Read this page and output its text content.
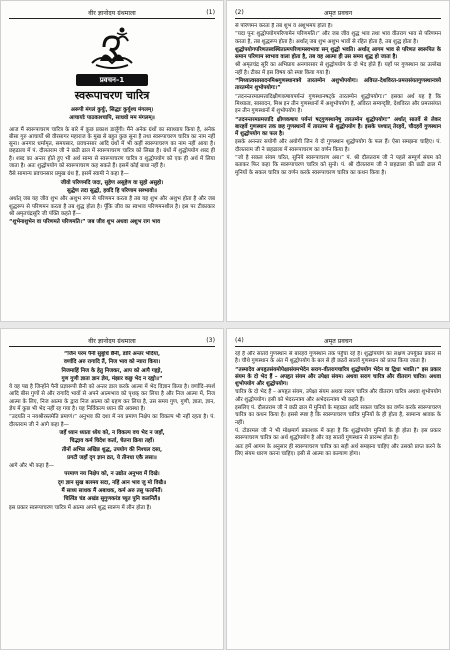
वीर ज्ञानोदय ग्रंथमाला	(1)
प्रवचन–1
स्वरूपाचरण चारित्र

अरूपी मंगलं कुर्युः, सिद्धाः कुर्युश्च मंगलम्।

आचार्याः पाठकाश्चापि, साधवो मम मंगलम्॥

आज मैं स्वरूपाचरण चारित्र के बारे में कुछ प्रकाश डालूँगी। मैंने अनेक ग्रंथों का स्वाध्याय किया है, अनेक बीसा गुरु आचार्यों श्री वीरसागर महाराज के मुख से बहुत कुछ सुना है तथा स्वरूपाचरण चारित्र का नाम नहीं सुना। अनगार धर्मामृत, समयसार, प्रवचनसार आदि ग्रंथों में भी कहीं स्वरूपाचरण का नाम नहीं आया है। छहढाला में पं. दौलतराम जी ने छठी ढाल में स्वरूपाचरण चारित्र को लिखा है। ग्रंथों में शुद्धोपयोग शब्द ही है। शब्द का अन्तर होते हुए भी अर्थ साम्य से स्वरूपाचरण चारित्र व शुद्धोपयोग को एक ही अर्थ में लिया जाता है। अतः शुद्धोपयोग को स्वरूपाचरण कह सकते हैं। इसमें कोई बाधा नहीं है।

वैसे सामान्य प्रवचनसार प्रमुख ग्रंथ है, इसमें स्वामी ने कहा है—

जीवो परिणमदि जदा, सुहेण असुहेण वा सुहो असुहो।

सुद्धेण तदा सुद्धो, हवदि हि परिणाम सब्भावो॥

अर्थात् जब यह जीव शुभ और अशुभ रूप से परिणमन करता है तब यह शुभ और अशुभ होता है और जब शुद्धरूप से परिणमन करता है तब शुद्ध होता है। पूँकि जीव का स्वभाव परिणमनशील है। इस पर टीकाकार श्री अमृतचंद्रसूरि जी पंक्ति कहते हैं—

“शुभेनाशुभेन वा परिणमते परिणमति।” जब जीव शुभ अथवा अशुभ राग भाव

(2)	अमृत प्रवचन

से परिणमन करता है तब शुभ व अशुभमय होता है।

“यदा पुनः शुद्धोपयोगपरिणामेन परिणमति।” और जब जीव शुद्ध भाव तथा भाव वीतराग भाव से परिणमन करता है, तब शुद्धरूप होता है। अर्थात् जब शुभ अशुभ भावों से रहित होता है, तब शुद्ध होता है।

शुद्धोपयोगपरिणतस्वस्थितात्मपरिणामस्वभावः सन् शुद्धो भवति। अर्थात् आगम भाव से परिणत स्वरूपित के समान परिणाम स्वभाव वाला होता है, तब वह आत्मा ही उस समय शुद्ध हो जाता है।

श्री अमृतचंद्र सूरि का अभिप्राय अनगारसार से शुद्धोपयोग के दो भेद होते हैं। यहाँ पर गुणस्थान का उल्लेख नहीं है। टीका में इस विषय को स्पष्ट किया गया है।

“मिथ्यात्वसासादनमिश्रगुणस्थानत्रये तारतम्येन अशुभोपयोगः। अविरत-देशविरत-प्रमत्तसंयतगुणस्थानत्रये तारतम्येन शुभोपयोगः।”

“तदनन्तरमप्रमत्तादिक्षीणकषायपर्यन्तं गुणस्थानषट्के तारतम्येन शुद्धोपयोगः।” इसका अर्थ यह है कि मिथ्यात्व, सासादन, मिश्र इन तीन गुणस्थानों में अशुभोपयोग है, अविरत सम्यग्दृष्टि, देशविरत और प्रमत्तसंयत इन तीन गुणस्थानों में शुभोपयोग है।

“तदनन्तरमप्रमत्तादि क्षीणकषाय पर्यन्तं षट्गुणस्थानेषु तारतम्येन शुद्धोपयोगः” अर्थात् सातवें से लेकर बारहवें गुणस्थान तक छह गुणस्थानों में तारतम्य से शुद्धोपयोग है। इसके पश्चात् तेरहवें, चौदहवें गुणस्थान में शुद्धोपयोग का फल है।

इसके अनन्तर सयोगी और अयोगी जिन ये दो गुणस्थान शुद्धोपयोग के फल हैं। ऐसा समझना चाहिए। पं. दौलतराम जी ने छहढाला में स्वरूपाचरण का वर्णन किया है।

“जो है सकल संयम चरित, सुनिये स्वरूपाचरण अब।” पं. श्री दौलतराम जी ने पहले सम्पूर्ण संयम को बताकर फिर कहा कि स्वरूपाचरण चारित्र को सुनो। पं. श्री दौलतराम जी ने छहढाला की छठी ढाल में मुनियों के सकल चारित्र का वर्णन करके स्वरूपाचरण चारित्र का कथन किया है।

वीर ज्ञानोदय ग्रंथमाला	(3)

“जिन परम पैनी सुबुधि छैनी, डारि अन्तर भेदिया,

वर्णादि अरु रागादि तैं, निज भाव को न्यारा किया।

निजमाहिं निज के हेतु निजकर, आप को आपै गह्यो,

गुण गुणी ज्ञाता ज्ञान ज्ञेय, मंझार कछु भेद न रह्यो॥”

ये वह पद्य है जिन्होंने पैनी प्रज्ञारूपी छैनी को अन्तर डाल करके आत्मा में भेद विज्ञान किया है। वर्णादि–स्पर्श आदि बीस गुणों से और रागादि भावों से अपने आत्मभाव को पृथक् कर लिया है और निज आत्मा में, निज आत्मा के लिए, निज आत्मा के द्वारा निज आत्मा को ग्रहण कर लिया है, उस समय गुण, गुणी, ज्ञाता, ज्ञान, ज्ञेय में कुछ भी भेद नहीं रह गया है। यह निर्विकल्प ध्यान की अवस्था है।

“उदयति न नयश्रीरस्तमेति प्रमाणं।” अनुभव की दशा में नय प्रमाण निक्षेप का विकल्प भी नहीं रहता है। पं. दौलतराम जी ने आगे कहा है—

जहँ ध्यान ध्याता ध्येय को, न विकल्प वच भेद न जहाँ,

चिद्भाव कर्म चिदेश कर्ता, चेतना क्रिया तहाँ।

तीनों अभिन्न अखिन्न शुद्ध, उपयोग की निश्चल दसा,

प्रगटी जहाँ दृग ज्ञान व्रत, ये तीनधा एकै लसा॥

आगे और भी कहा है—

परमाण नय निक्षेप को, न उद्योत अनुभव में दिखे।

दृग ज्ञान सुख बलमय सदा, नहिं आन भाव जु मो विखै॥

मैं साध्य साधक मैं अबाधक, कर्म अरु तसु फलनितैं।

चित्पिंड चंड अखंड सुगुणकरंड च्युत पुनि कलनितैं॥

इस प्रकार स्वरूपाचरण चारित्र में आत्मा अपने शुद्ध स्वरूप में लीन होता है।

(4)	अमृत प्रवचन

रहे हैं और सातवें गुणस्थान से बारहवें गुणस्थान तक पहुँचा रहे हैं। शुद्धोपयोग का लक्षण उपर्युक्त प्रकार से है। चौथे गुणस्थान के अंत में शुद्धोपयोग के बल से ही छठवें सातवें गुणस्थान को प्राप्त किया जाता है।

“तस्मादेव अपहृतसंयमोपेक्षासंयमभेदेन सराग-वीतरागचारित्र शुद्धोपयोग भेदेन वा द्विधा भवति।” इस प्रकार संयम के दो भेद हैं – अपहृत संयम और उपेक्षा संयम। अथवा सराग चारित्र और वीतराग चारित्र। अथवा शुभोपयोग और शुद्धोपयोग।

चारित्र के दो भेद हैं – अपहृत संयम, उपेक्षा संयम अथवा सराग चारित्र और वीतराग चारित्र अथवा शुभोपयोग और शुद्धोपयोग। इसी को भेदरत्नत्रय और अभेदरत्नत्रय भी कहते हैं।

इसलिए पं. दौलतराम जी ने छठी ढाल में मुनियों के महाव्रत आदि सकल चारित्र का वर्णन करके स्वरूपाचरण चारित्र का कथन किया है। इससे स्पष्ट है कि स्वरूपाचरण चारित्र मुनियों के ही होता है, सामान्य श्रावक के नहीं।

पं. टोडरमल जी ने भी मोक्षमार्ग प्रकाशक में कहा है कि शुद्धोपयोग मुनियों के ही होता है। इस प्रकार स्वरूपाचरण चारित्र का अर्थ शुद्धोपयोग है और वह सातवें गुणस्थान से प्रारम्भ होता है।

अतः हमें आगम के अनुसार ही स्वरूपाचरण चारित्र का सही अर्थ समझना चाहिए और उसको प्राप्त करने के लिए संयम धारण करना चाहिए। इसी से आत्मा का कल्याण होगा।
